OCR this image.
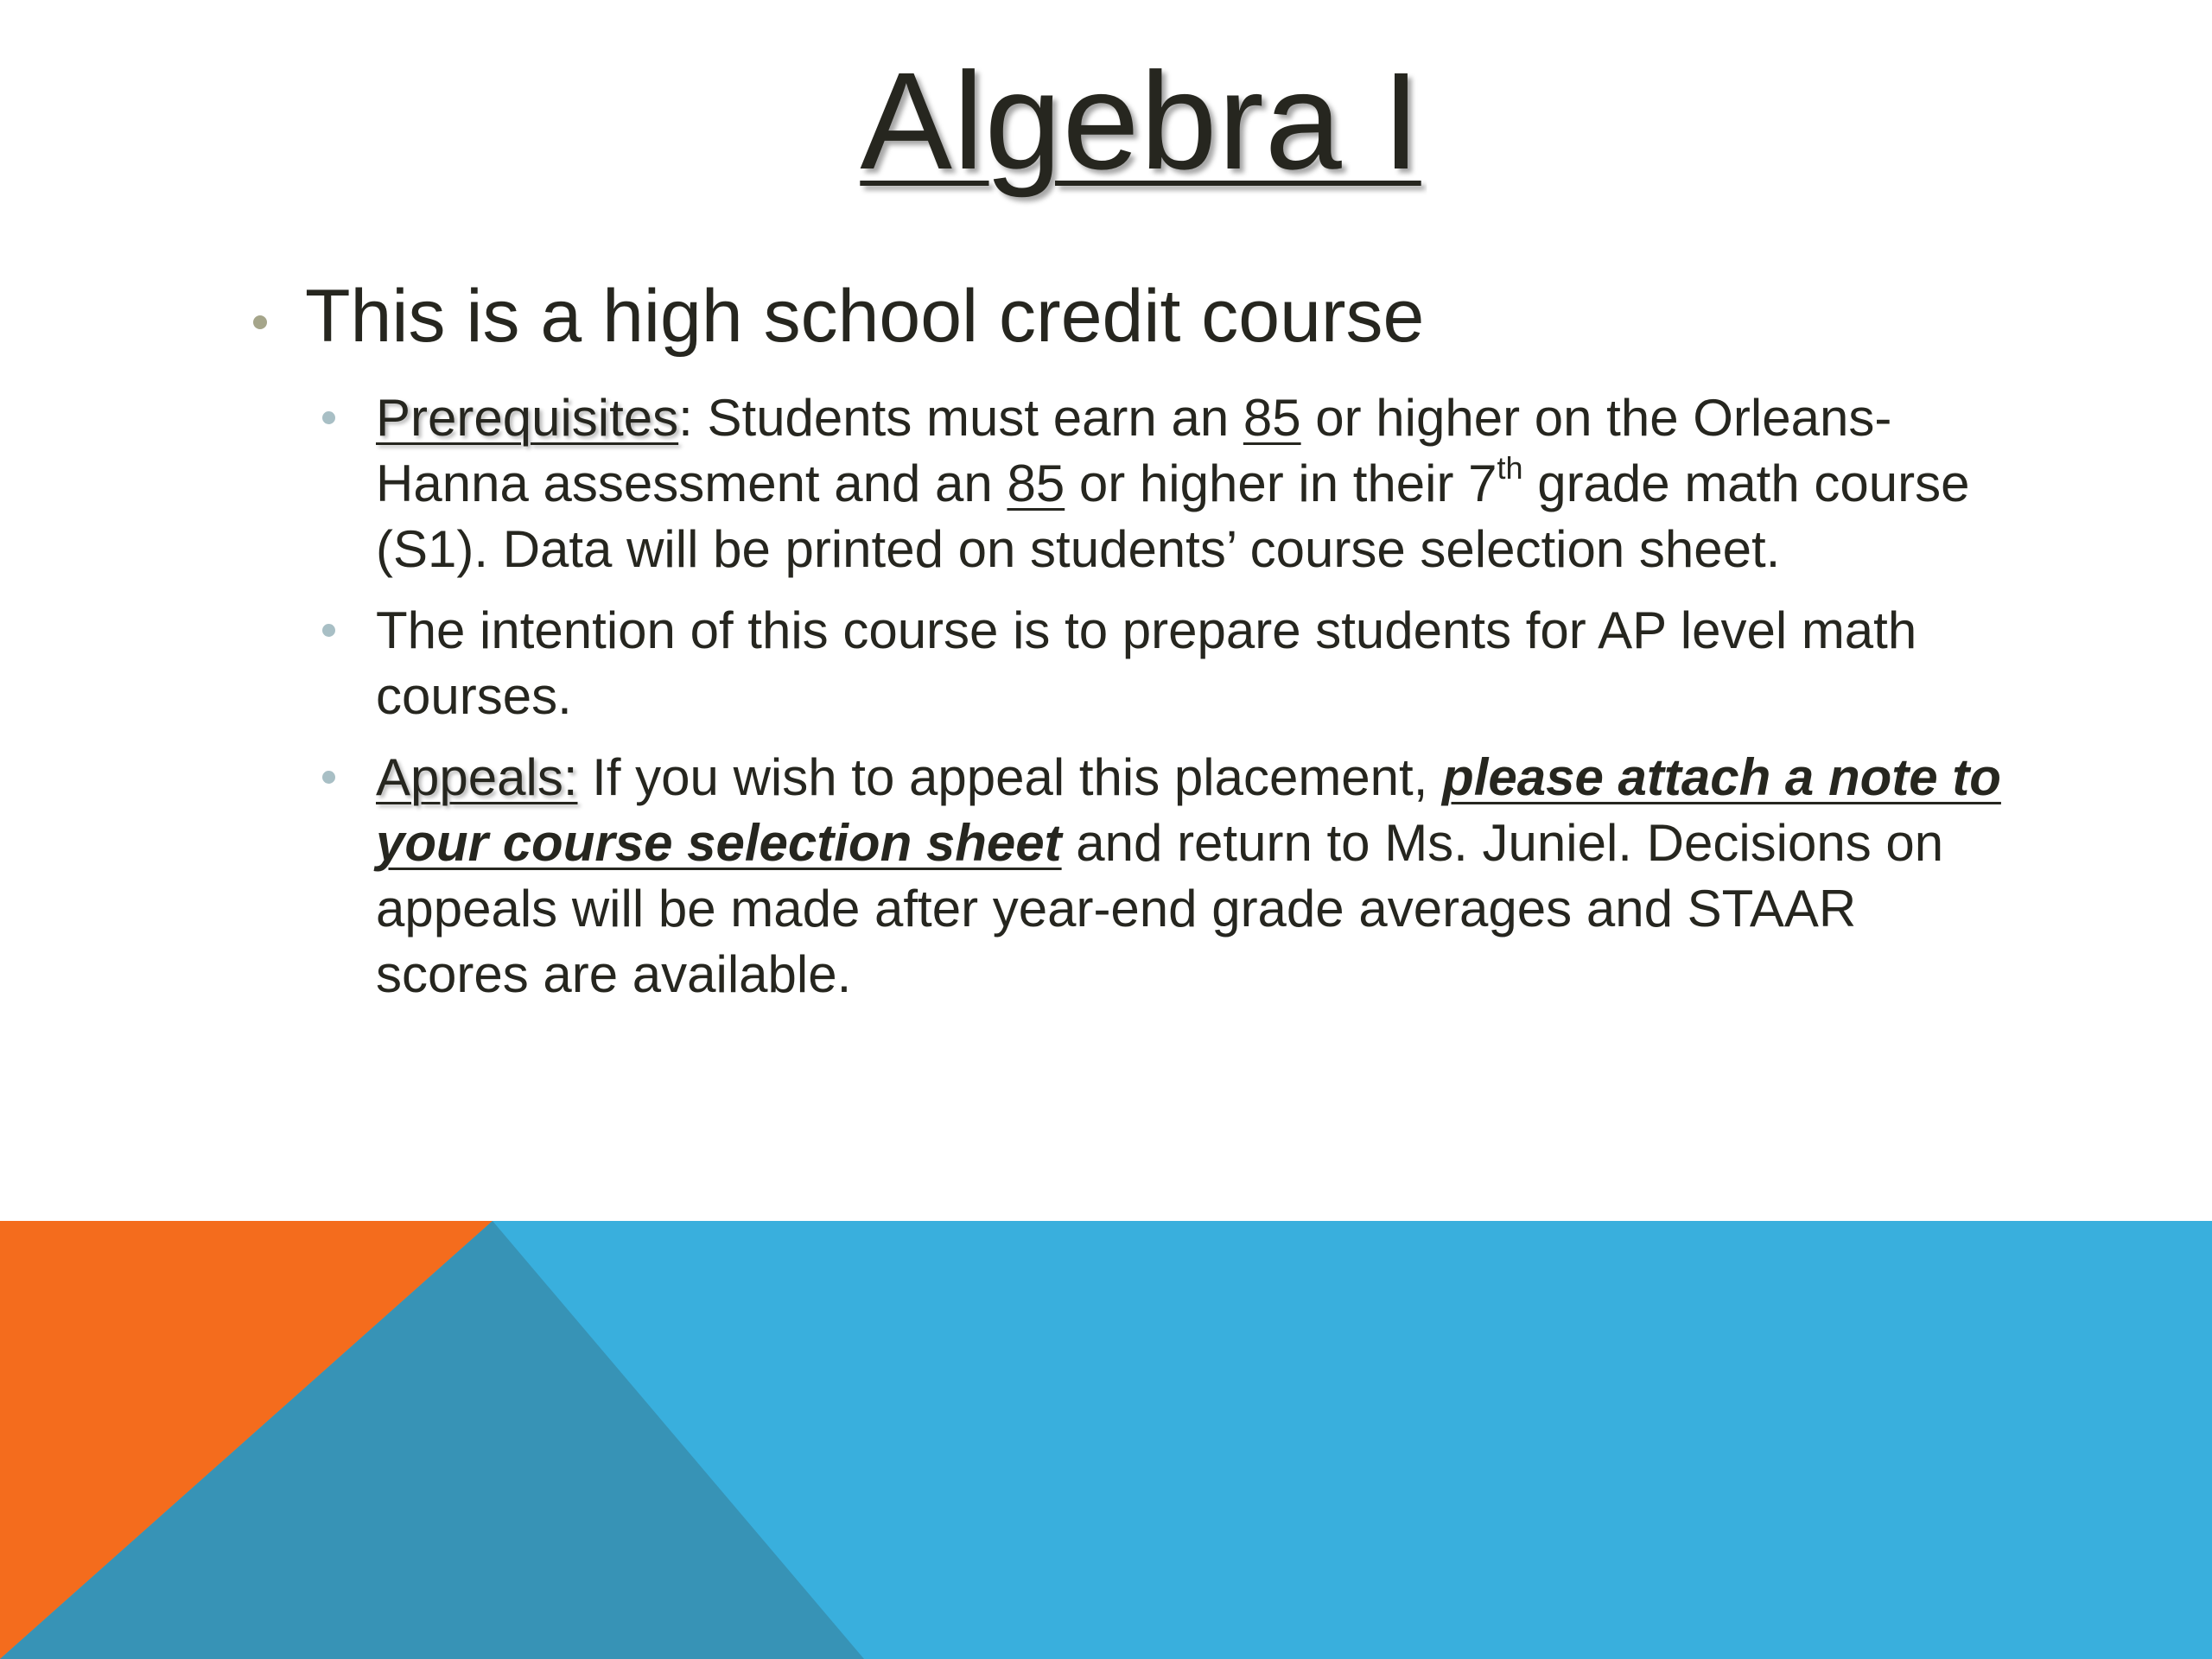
Algebra I
This is a high school credit course
Prerequisites: Students must earn an 85 or higher on the Orleans-Hanna assessment and an 85 or higher in their 7th grade math course (S1). Data will be printed on students’ course selection sheet.
The intention of this course is to prepare students for AP level math courses.
Appeals: If you wish to appeal this placement, please attach a note to your course selection sheet and return to Ms. Juniel. Decisions on appeals will be made after year-end grade averages and STAAR scores are available.
